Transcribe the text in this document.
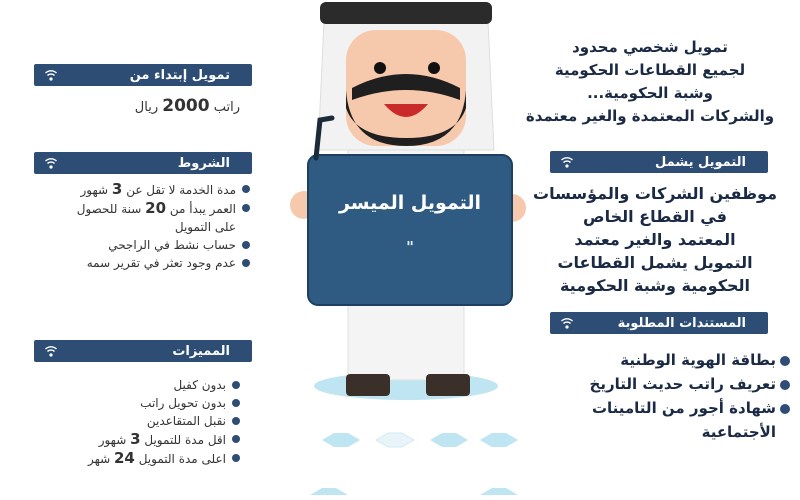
تمويل شخصي محدود
لجميع القطاعات الحكومية
وشبة الحكومية...
والشركات المعتمدة والغير معتمدة
تمويل إبتداء من
راتب 2000 ريال
الشروط
مدة الخدمة لا تقل عن 3 شهور
العمر يبدأ من 20 سنة للحصول على التمويل
حساب نشط في الراجحي
عدم وجود تعثر في تقرير سمه
المميزات
بدون كفيل
بدون تحويل راتب
نقبل المتقاعدين
اقل مدة للتمويل 3 شهور
اعلى مدة التمويل 24 شهر
التمويل الميسر
"
التمويل يشمل
موظفين الشركات والمؤسسات
في القطاع الخاص
المعتمد والغير معتمد
التمويل يشمل القطاعات
الحكومية وشبة الحكومية
المستندات المطلوبة
بطاقة الهوية الوطنية
تعريف راتب حديث التاريخ
شهادة أجور من التامينات الأجتماعية
